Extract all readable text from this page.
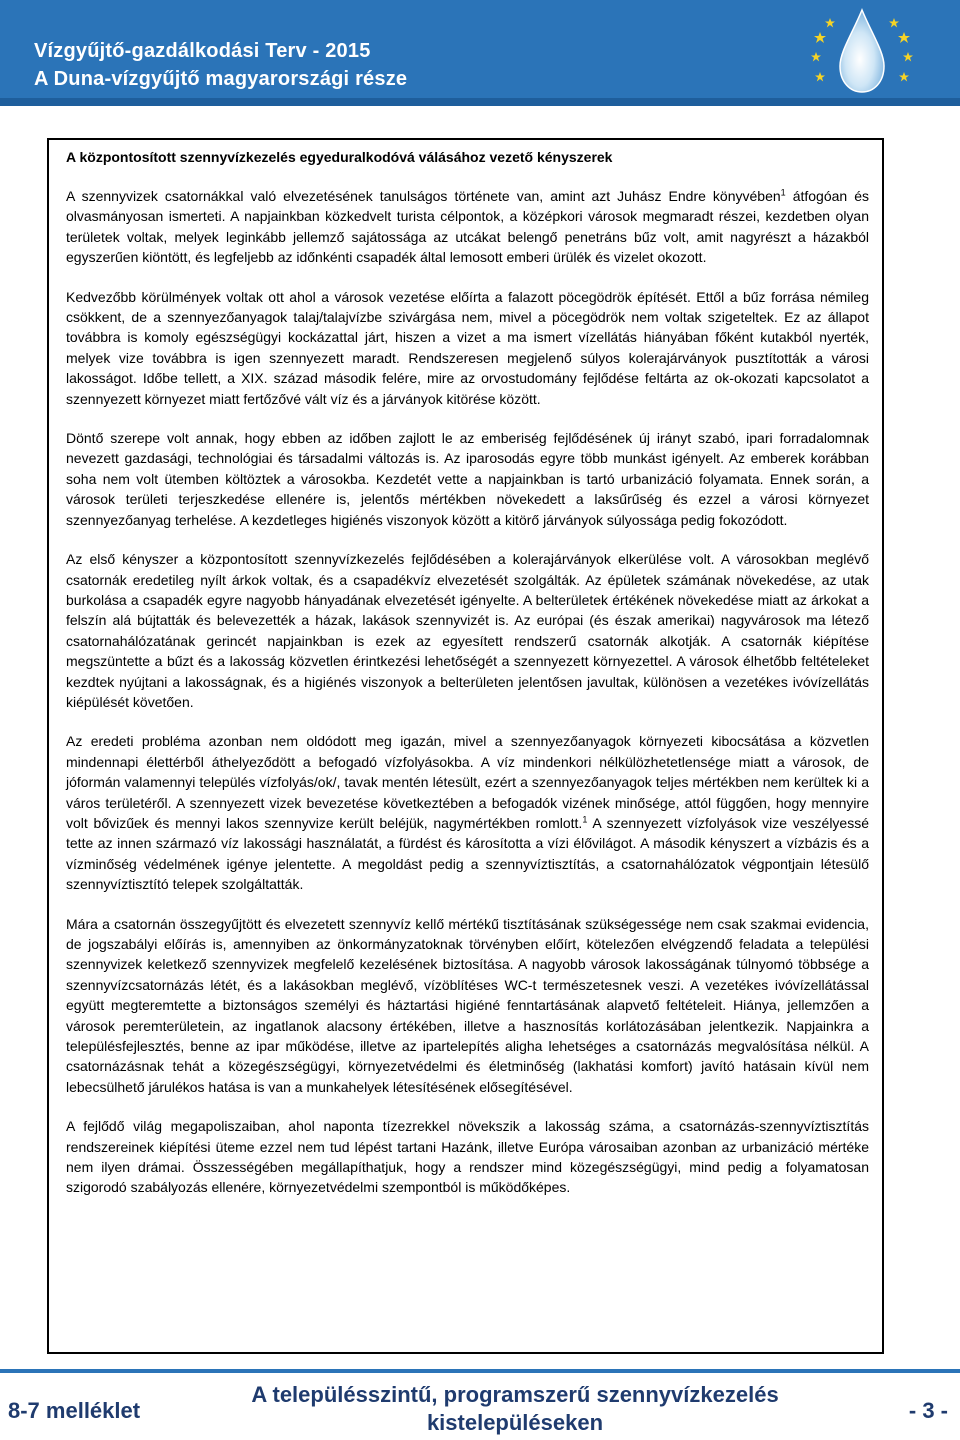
Vízgyűjtő-gazdálkodási Terv - 2015
A Duna-vízgyűjtő magyarországi része
A központosított szennyvízkezelés egyeduralkodóvá válásához vezető kényszerek

A szennyvizek csatornákkal való elvezetésének tanulságos története van, amint azt Juhász Endre könyvében$^1$ átfogóan és olvasmányosan ismerteti. A napjainkban közkedvelt turista célpontok, a középkori városok megmaradt részei, kezdetben olyan területek voltak, melyek leginkább jellemző sajátossága az utcákat belengő penetráns bűz volt, amit nagyrészt a házakból egyszerűen kiöntött, és legfeljebb az időnkénti csapadék által lemosott emberi ürülék és vizelet okozott.

Kedvezőbb körülmények voltak ott ahol a városok vezetése előírta a falazott pöcegödrök építését. Ettől a bűz forrása némileg csökkent, de a szennyezőanyagok talaj/talajvízbe szivárgása nem, mivel a pöcegödrök nem voltak szigeteltek. Ez az állapot továbbra is komoly egészségügyi kockázattal járt, hiszen a vizet a ma ismert vízellátás hiányában főként kutakból nyerték, melyek vize továbbra is igen szennyezett maradt. Rendszeresen megjelenő súlyos kolerajárványok pusztították a városi lakosságot. Időbe tellett, a XIX. század második felére, mire az orvostudomány fejlődése feltárta az ok-okozati kapcsolatot a szennyezett környezet miatt fertőzővé vált víz és a járványok kitörése között.

Döntő szerepe volt annak, hogy ebben az időben zajlott le az emberiség fejlődésének új irányt szabó, ipari forradalomnak nevezett gazdasági, technológiai és társadalmi változás is. Az iparosodás egyre több munkást igényelt. Az emberek korábban soha nem volt ütemben költöztek a városokba. Kezdetét vette a napjainkban is tartó urbanizáció folyamata. Ennek során, a városok területi terjeszkedése ellenére is, jelentős mértékben növekedett a laksűrűség és ezzel a városi környezet szennyezőanyag terhelése. A kezdetleges higiénés viszonyok között a kitörő járványok súlyossága pedig fokozódott.

Az első kényszer a központosított szennyvízkezelés fejlődésében a kolerajárványok elkerülése volt. A városokban meglévő csatornák eredetileg nyílt árkok voltak, és a csapadékvíz elvezetését szolgálták. Az épületek számának növekedése, az utak burkolása a csapadék egyre nagyobb hányadának elvezetését igényelte. A belterületek értékének növekedése miatt az árkokat a felszín alá bújtatták és belevezették a házak, lakások szennyvizét is. Az európai (és észak amerikai) nagyvárosok ma létező csatornahálózatának gerincét napjainkban is ezek az egyesített rendszerű csatornák alkotják. A csatornák kiépítése megszüntette a bűzt és a lakosság közvetlen érintkezési lehetőségét a szennyezett környezettel. A városok élhetőbb feltételeket kezdtek nyújtani a lakosságnak, és a higiénés viszonyok a belterületen jelentősen javultak, különösen a vezetékes ivóvízellátás kiépülését követően.

Az eredeti probléma azonban nem oldódott meg igazán, mivel a szennyezőanyagok környezeti kibocsátása a közvetlen mindennapi élettérből áthelyeződött a befogadó vízfolyásokba. A víz mindenkori nélkülözhetetlensége miatt a városok, de jóformán valamennyi település vízfolyás/ok/, tavak mentén létesült, ezért a szennyezőanyagok teljes mértékben nem kerültek ki a város területéről. A szennyezett vizek bevezetése következtében a befogadók vizének minősége, attól függően, hogy mennyire volt bővizűek és mennyi lakos szennyvize került beléjük, nagymértékben romlott.$^1$ A szennyezett vízfolyások vize veszélyessé tette az innen származó víz lakossági használatát, a fürdést és károsította a vízi élővilágot. A második kényszert a vízbázis és a vízminőség védelmének igénye jelentette. A megoldást pedig a szennyvíztisztítás, a csatornahálózatok végpontjain létesülő szennyvíztisztító telepek szolgáltatták.

Mára a csatornán összegyűjtött és elvezetett szennyvíz kellő mértékű tisztításának szükségessége nem csak szakmai evidencia, de jogszabályi előírás is, amennyiben az önkormányzatoknak törvényben előírt, kötelezően elvégzendő feladata a települési szennyvizek keletkező szennyvizek megfelelő kezelésének biztosítása. A nagyobb városok lakosságának túlnyomó többsége a szennyvízcsatornázás létét, és a lakásokban meglévő, vízöblítéses WC-t természetesnek veszi. A vezetékes ivóvízellátással együtt megteremtette a biztonságos személyi és háztartási higiéné fenntartásának alapvető feltételeit. Hiánya, jellemzően a városok peremterületein, az ingatlanok alacsony értékében, illetve a hasznosítás korlátozásában jelentkezik. Napjainkra a településfejlesztés, benne az ipar működése, illetve az ipartelepítés aligha lehetséges a csatornázás megvalósítása nélkül. A csatornázásnak tehát a közegészségügyi, környezetvédelmi és életminőség (lakhatási komfort) javító hatásain kívül nem lebecsülhető járulékos hatása is van a munkahelyek létesítésének elősegítésével.

A fejlődő világ megapoliszaiban, ahol naponta tízezrekkel növekszik a lakosság száma, a csatornázás-szennyvíztisztítás rendszereinek kiépítési üteme ezzel nem tud lépést tartani Hazánk, illetve Európa városaiban azonban az urbanizáció mértéke nem ilyen drámai. Összességében megállapíthatjuk, hogy a rendszer mind közegészségügyi, mind pedig a folyamatosan szigorodó szabályozás ellenére, környezetvédelmi szempontból is működőképes.

8-7 melléklet
A településszintű, programszerű szennyvízkezelés kistelepüléseken	- 3 -
